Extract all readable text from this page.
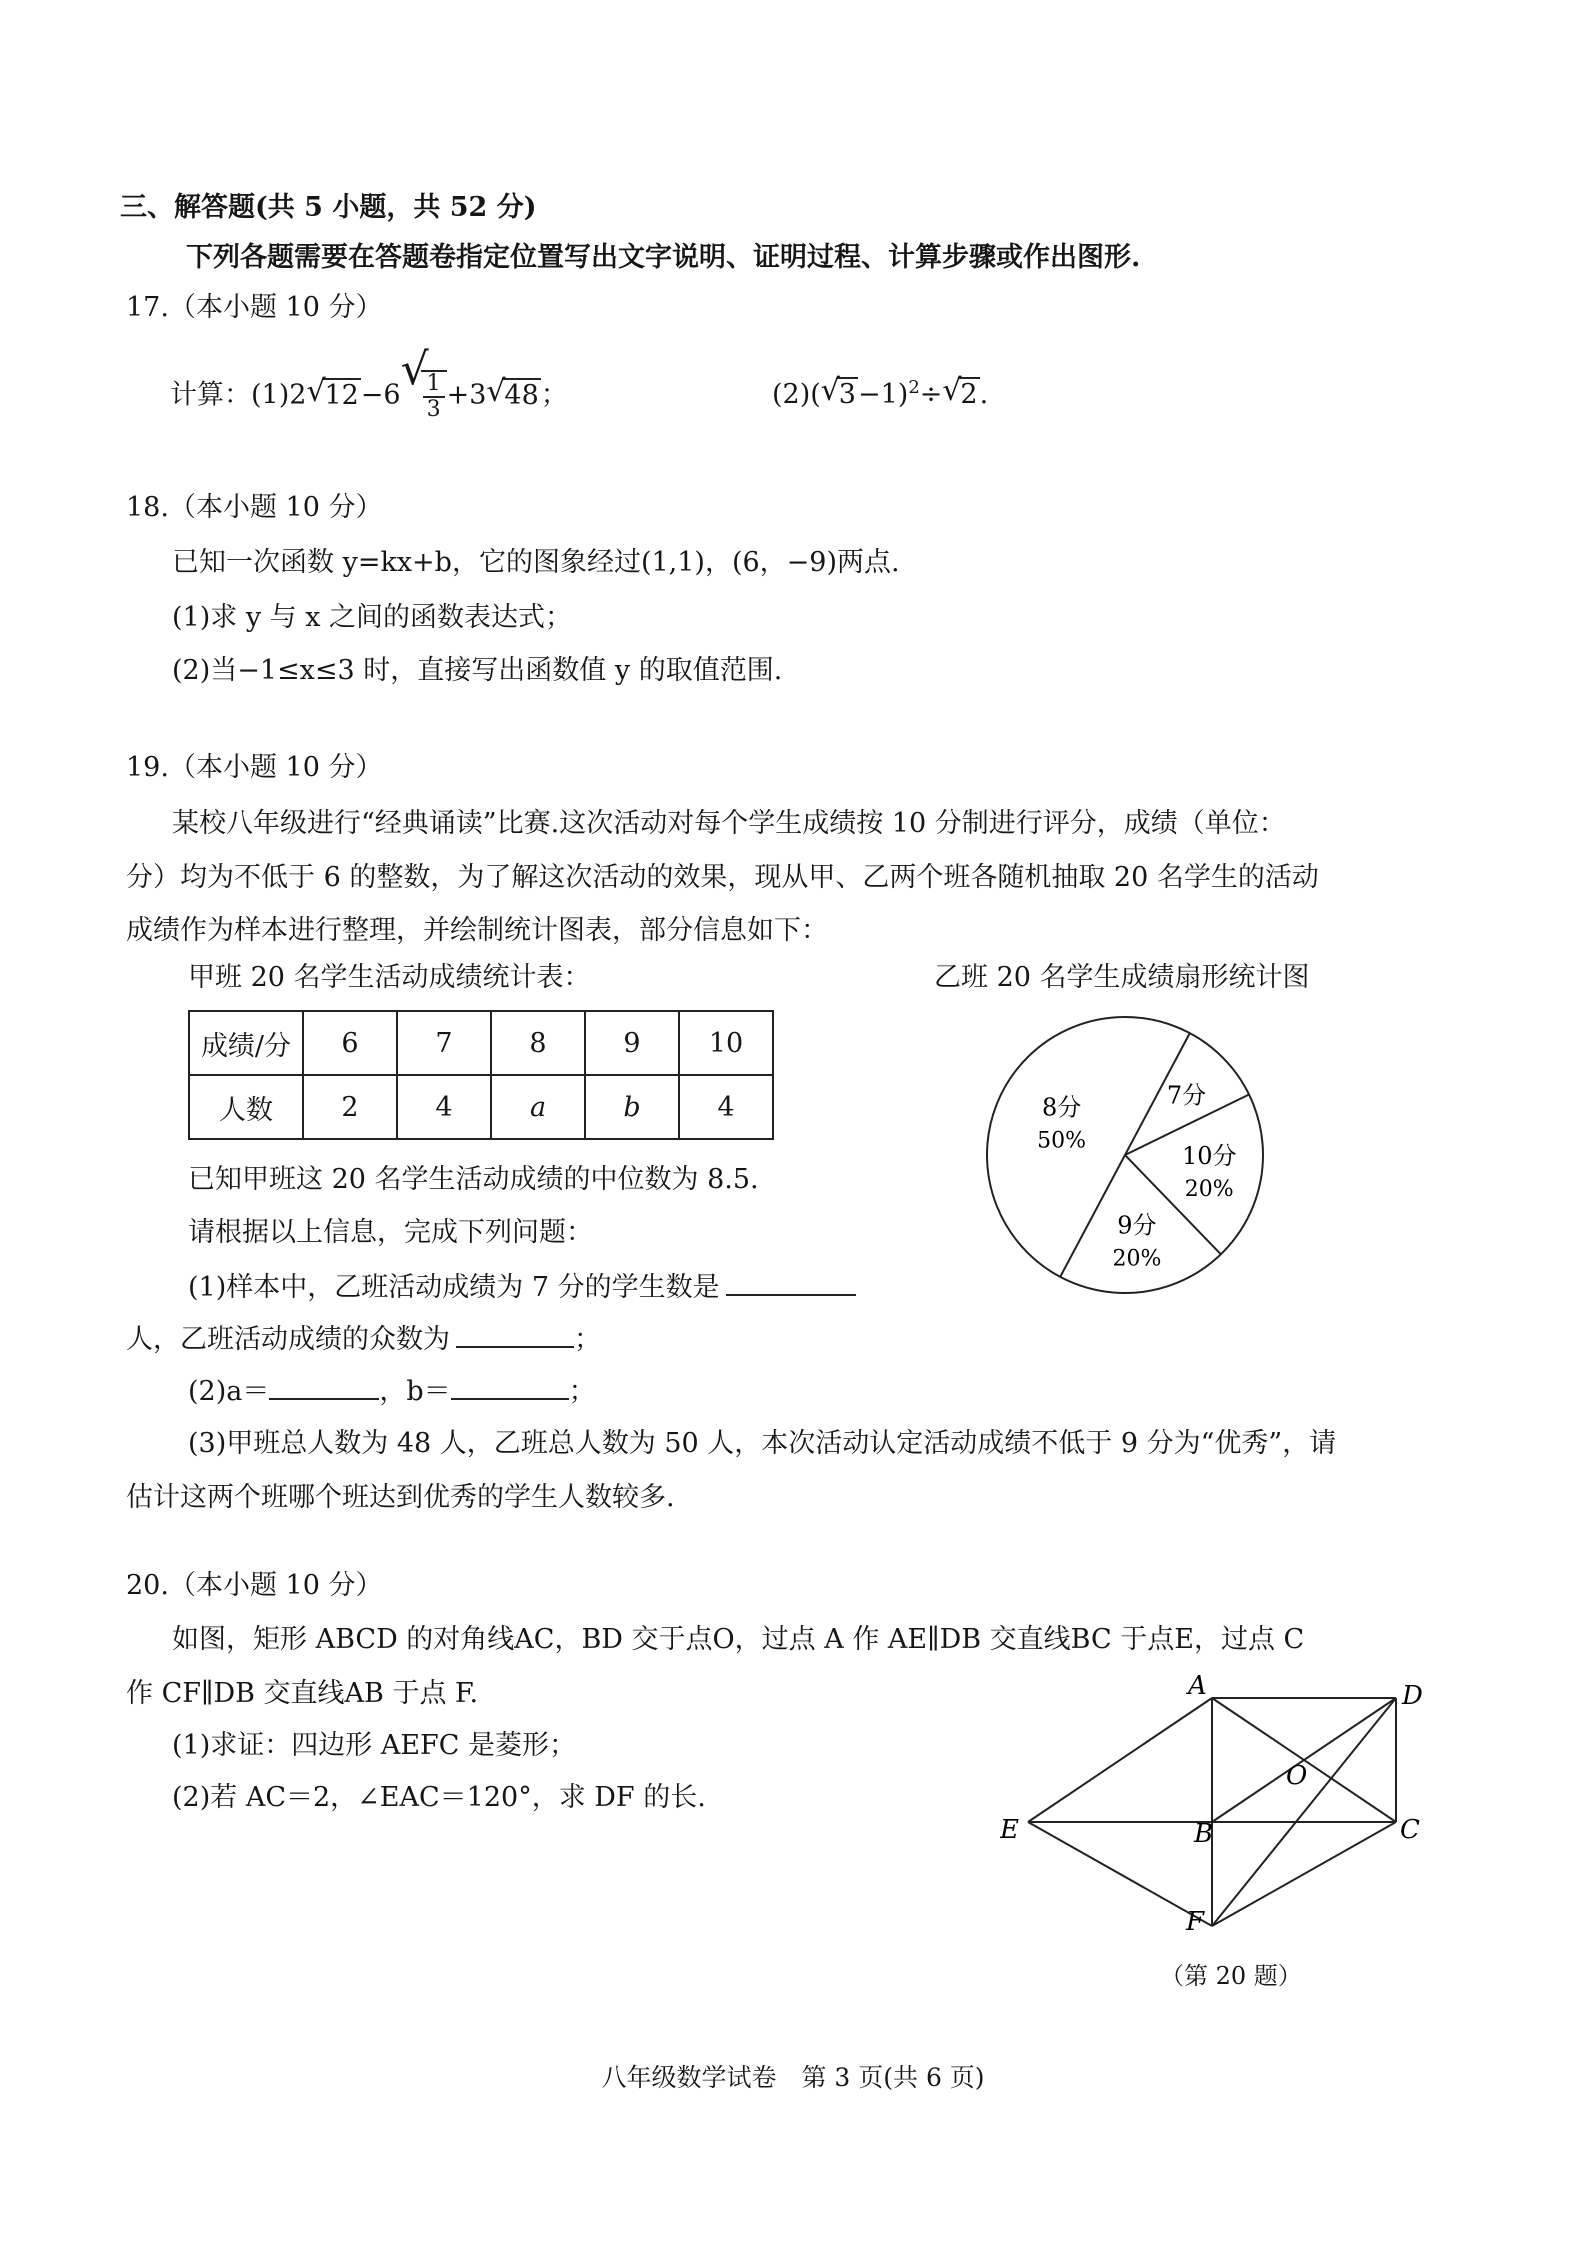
三、解答题(共 5 小题，共 52 分)
下列各题需要在答题卷指定位置写出文字说明、证明过程、计算步骤或作出图形.
17.（本小题 10 分）
计算：(1)2 √
12−6 √
$\frac{1}{3} +3$ √
48；	(2)( √
3−1)$^2$÷ √
2.
18.（本小题 10 分）
已知一次函数 y=kx+b，它的图象经过(1,1)，(6，−9)两点.
(1)求 y 与 x 之间的函数表达式；
(2)当−1≤x≤3 时，直接写出函数值 y 的取值范围.
19.（本小题 10 分）
某校八年级进行“经典诵读”比赛.这次活动对每个学生成绩按 10 分制进行评分，成绩（单位：
分）均为不低于 6 的整数，为了解这次活动的效果，现从甲、乙两个班各随机抽取 20 名学生的活动
成绩作为样本进行整理，并绘制统计图表，部分信息如下：
甲班 20 名学生活动成绩统计表：
成绩/分	6	7	8	9	10
人数	2	4	a	b	4
已知甲班这 20 名学生活动成绩的中位数为 8.5.
请根据以上信息，完成下列问题：
(1)样本中，乙班活动成绩为 7 分的学生数是
人，乙班活动成绩的众数为	；
(2)a＝	，b＝	；
(3)甲班总人数为 48 人，乙班总人数为 50 人，本次活动认定活动成绩不低于 9 分为“优秀”，请
估计这两个班哪个班达到优秀的学生人数较多.
乙班 20 名学生成绩扇形统计图
7分
10分
20%
9分
20%
8分
50%
20.（本小题 10 分）
如图，矩形 ABCD 的对角线AC，BD 交于点O，过点 A 作 AE∥DB 交直线BC 于点E，过点 C
作 CF∥DB 交直线AB 于点 F.
(1)求证：四边形 AEFC 是菱形；
(2)若 AC＝2，∠EAC＝120°，求 DF 的长.
A	D
O
E	B	C
F
（第 20 题）
八年级数学试卷　第 3 页(共 6 页)
